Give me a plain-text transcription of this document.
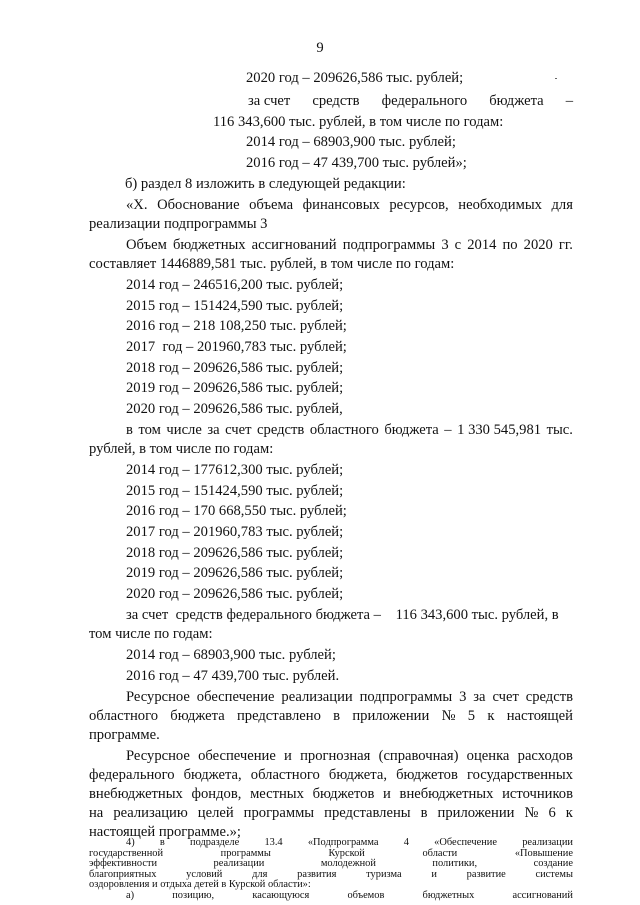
9
2020 год – 209626,586 тыс. рублей;
за счет средств федерального бюджета –
116 343,600 тыс. рублей, в том числе по годам:
2014 год – 68903,900 тыс. рублей;
2016 год – 47 439,700 тыс. рублей»;
б) раздел 8 изложить в следующей редакции:
«X. Обоснование объема финансовых ресурсов, необходимых для
реализации подпрограммы 3
Объем бюджетных ассигнований подпрограммы 3 с 2014 по 2020 гг.
составляет 1446889,581 тыс. рублей, в том числе по годам:
2014 год – 246516,200 тыс. рублей;
2015 год – 151424,590 тыс. рублей;
2016 год – 218 108,250 тыс. рублей;
2017  год – 201960,783 тыс. рублей;
2018 год – 209626,586 тыс. рублей;
2019 год – 209626,586 тыс. рублей;
2020 год – 209626,586 тыс. рублей,
в том числе за счет средств областного бюджета – 1 330 545,981 тыс.
рублей, в том числе по годам:
2014 год – 177612,300 тыс. рублей;
2015 год – 151424,590 тыс. рублей;
2016 год – 170 668,550 тыс. рублей;
2017 год – 201960,783 тыс. рублей;
2018 год – 209626,586 тыс. рублей;
2019 год – 209626,586 тыс. рублей;
2020 год – 209626,586 тыс. рублей;
за счет средств федерального бюджета – 116 343,600 тыс. рублей, в
том числе по годам:
2014 год – 68903,900 тыс. рублей;
2016 год – 47 439,700 тыс. рублей.
Ресурсное обеспечение реализации подпрограммы 3 за счет средств
областного бюджета представлено в приложении № 5 к настоящей
программе.
Ресурсное обеспечение и прогнозная (справочная) оценка расходов
федерального бюджета, областного бюджета, бюджетов государственных
внебюджетных фондов, местных бюджетов и внебюджетных источников
на реализацию целей программы представлены в приложении № 6 к
настоящей программе.»;
4) в подразделе 13.4 «Подпрограмма 4 «Обеспечение реализации
государственной	программы	Курской	области	«Повышение
эффективности	реализации	молодежной	политики,	создание
благоприятных	условий	для	развития	туризма	и	развитие	системы
оздоровления и отдыха детей в Курской области»:
а)	позицию,	касающуюся	объемов	бюджетных	ассигнований
